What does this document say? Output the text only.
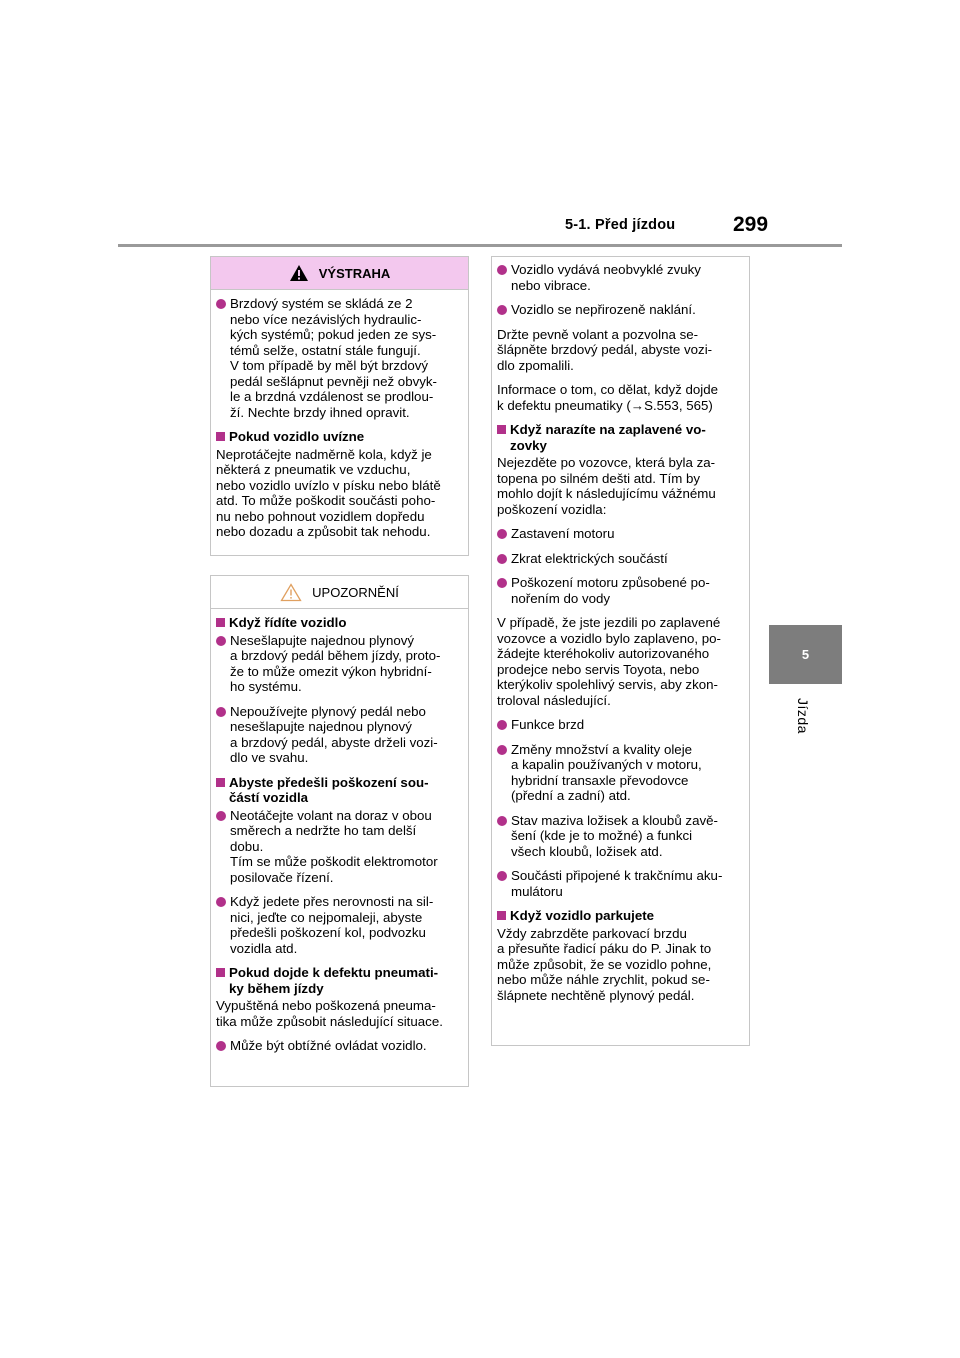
5-1. Před jízdou	299
5
Jízda
VÝSTRAHA
Brzdový systém se skládá ze 2
nebo více nezávislých hydraulic-
kých systémů; pokud jeden ze sys-
témů selže, ostatní stále fungují.
V tom případě by měl být brzdový
pedál sešlápnut pevněji než obvyk-
le a brzdná vzdálenost se prodlou-
ží. Nechte brzdy ihned opravit.
Pokud vozidlo uvízne
Neprotáčejte nadměrně kola, když je
některá z pneumatik ve vzduchu,
nebo vozidlo uvízlo v písku nebo blátě
atd. To může poškodit součásti poho-
nu nebo pohnout vozidlem dopředu
nebo dozadu a způsobit tak nehodu.
UPOZORNĚNÍ
Když řídíte vozidlo
Nesešlapujte najednou plynový
a brzdový pedál během jízdy, proto-
že to může omezit výkon hybridní-
ho systému.
Nepoužívejte plynový pedál nebo
nesešlapujte najednou plynový
a brzdový pedál, abyste drželi vozi-
dlo ve svahu.
Abyste předešli poškození sou-
částí vozidla
Neotáčejte volant na doraz v obou
směrech a nedržte ho tam delší
dobu.
Tím se může poškodit elektromotor
posilovače řízení.
Když jedete přes nerovnosti na sil-
nici, jeďte co nejpomaleji, abyste
předešli poškození kol, podvozku
vozidla atd.
Pokud dojde k defektu pneumati-
ky během jízdy
Vypuštěná nebo poškozená pneuma-
tika může způsobit následující situace.
Může být obtížné ovládat vozidlo.
Vozidlo vydává neobvyklé zvuky
nebo vibrace.
Vozidlo se nepřirozeně naklání.
Držte pevně volant a pozvolna se-
šlápněte brzdový pedál, abyste vozi-
dlo zpomalili.
Informace o tom, co dělat, když dojde
k defektu pneumatiky (→S.553, 565)
Když narazíte na zaplavené vo-
zovky
Nejezděte po vozovce, která byla za-
topena po silném dešti atd. Tím by
mohlo dojít k následujícímu vážnému
poškození vozidla:
Zastavení motoru
Zkrat elektrických součástí
Poškození motoru způsobené po-
nořením do vody
V případě, že jste jezdili po zaplavené
vozovce a vozidlo bylo zaplaveno, po-
žádejte kteréhokoliv autorizovaného
prodejce nebo servis Toyota, nebo
kterýkoliv spolehlivý servis, aby zkon-
troloval následující.
Funkce brzd
Změny množství a kvality oleje
a kapalin používaných v motoru,
hybridní transaxle převodovce
(přední a zadní) atd.
Stav maziva ložisek a kloubů zavě-
šení (kde je to možné) a funkci
všech kloubů, ložisek atd.
Součásti připojené k trakčnímu aku-
mulátoru
Když vozidlo parkujete
Vždy zabrzděte parkovací brzdu
a přesuňte řadicí páku do P. Jinak to
může způsobit, že se vozidlo pohne,
nebo může náhle zrychlit, pokud se-
šlápnete nechtěně plynový pedál.
